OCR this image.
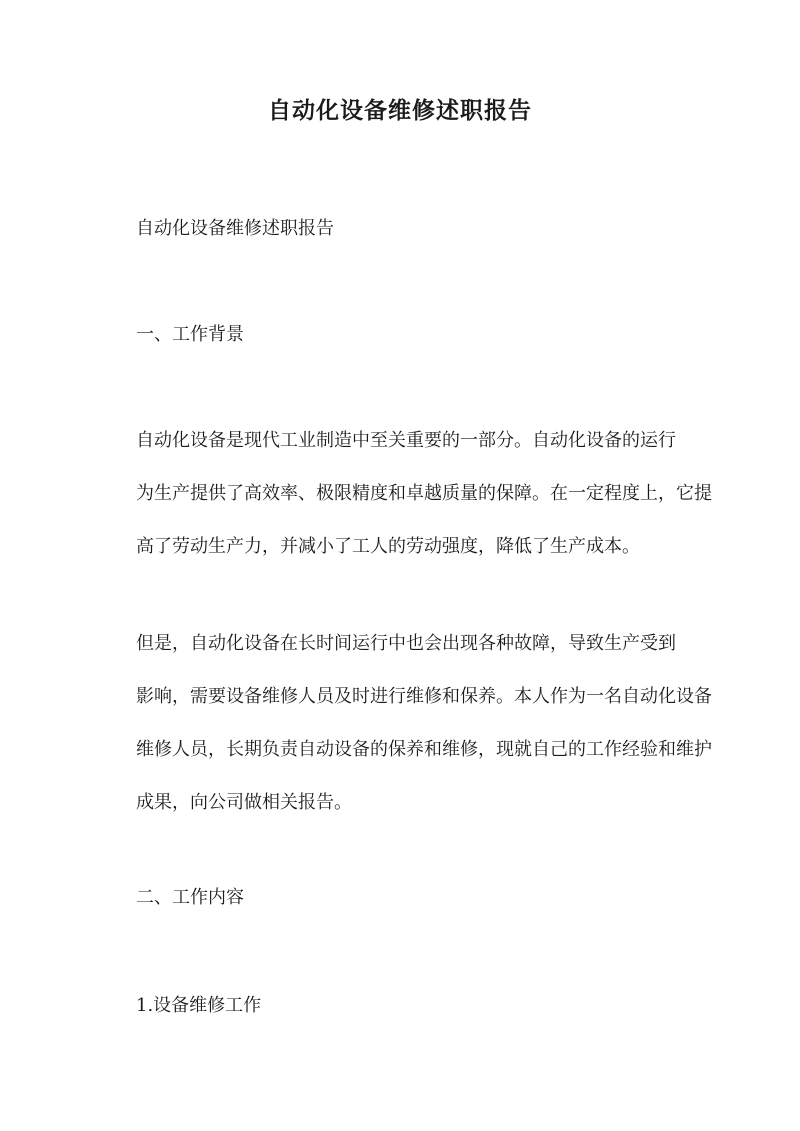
自动化设备维修述职报告
自动化设备维修述职报告
一、工作背景
自动化设备是现代工业制造中至关重要的一部分。自动化设备的运行
为生产提供了高效率、极限精度和卓越质量的保障。在一定程度上，它提
高了劳动生产力，并减小了工人的劳动强度，降低了生产成本。
但是，自动化设备在长时间运行中也会出现各种故障，导致生产受到
影响，需要设备维修人员及时进行维修和保养。本人作为一名自动化设备
维修人员，长期负责自动设备的保养和维修，现就自己的工作经验和维护
成果，向公司做相关报告。
二、工作内容
1.设备维修工作
